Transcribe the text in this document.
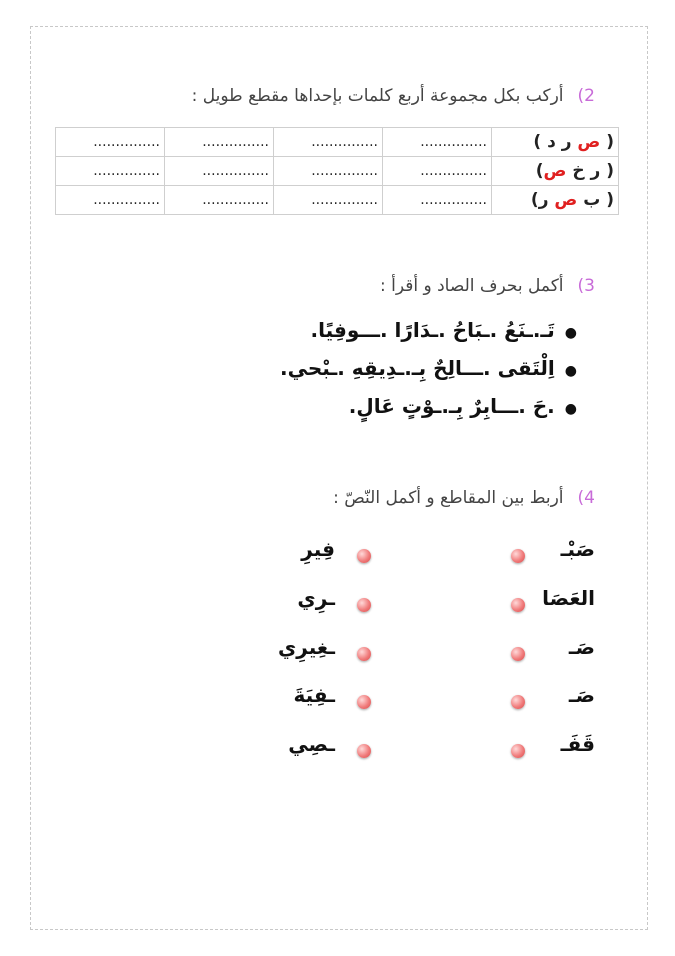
2)أركب بكل مجموعة أربع كلمات بإحداها مقطع طويل :
( ص ر د )	...............	...............	...............	...............
( ر خ ص)	...............	...............	...............	...............
( ب ص ر)	...............	...............	...............	...............
3)أكمل بحرف الصاد و أقرأ :
●تَـ.ـنَعُ .ـبَاحُ .ـدَارًا .ـــوفِيًا.
●اِلْتَقى .ـــالِحٌ بِـ.ـدِيقِهِ .ـبْحي.
●.حَ .ـــابِرٌ بِـ.ـوْتٍ عَالٍ.
4)أربط بين المقاطع و أكمل النّصّ :
صَبْـ
فِيرِ
العَصَا
ـرِي
صَـ
ـغِيرِي
صَـ
ـفِيَةَ
قَفَـ
ـصِي
